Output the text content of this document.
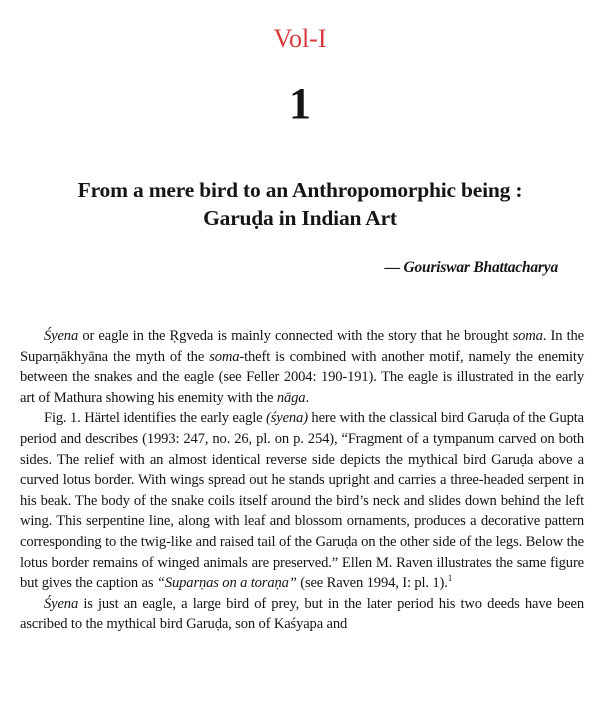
Vol-I
1
From a mere bird to an Anthropomorphic being :
Garuḍa in Indian Art
— Gouriswar Bhattacharya

Śyena or eagle in the Ṛgveda is mainly connected with the story that he brought soma. In the Suparṇākhyāna the myth of the soma-theft is combined with another motif, namely the enemity between the snakes and the eagle (see Feller 2004: 190-191). The eagle is illustrated in the early art of Mathura showing his enemity with the nāga.

Fig. 1. Härtel identifies the early eagle (śyena) here with the classical bird Garuḍa of the Gupta period and describes (1993: 247, no. 26, pl. on p. 254), “Fragment of a tympanum carved on both sides. The relief with an almost identical reverse side depicts the mythical bird Garuḍa above a curved lotus border. With wings spread out he stands upright and carries a three-headed serpent in his beak. The body of the snake coils itself around the bird’s neck and slides down behind the left wing. This serpentine line, along with leaf and blossom ornaments, produces a decorative pattern corresponding to the twig-like and raised tail of the Garuḍa on the other side of the legs. Below the lotus border remains of winged animals are preserved.” Ellen M. Raven illustrates the same figure but gives the caption as “Suparṇas on a toraṇa” (see Raven 1994, I: pl. 1).$^1$

Śyena is just an eagle, a large bird of prey, but in the later period his two deeds have been ascribed to the mythical bird Garuḍa, son of Kaśyapa and
